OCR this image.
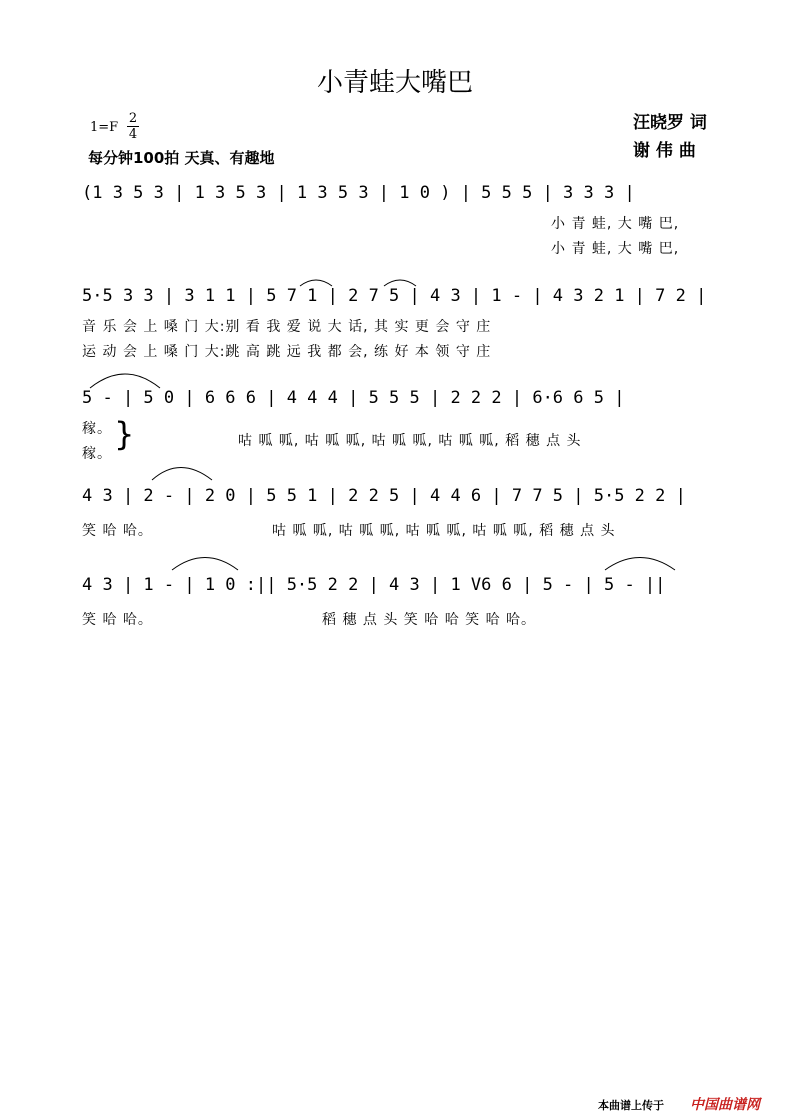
小青蛙大嘴巴
1=F
2
4
每分钟100拍 天真、有趣地
汪晓罗 词
谢 伟 曲
(1 3 5 3 | 1 3 5 3 | 1 3 5 3 | 1 0 ) | 5 5 5 | 3 3 3 |
小 青 蛙, 大 嘴 巴,
小 青 蛙, 大 嘴 巴,
5·5 3 3 | 3 1 1 | 5 7 1 | 2 7 5 | 4 3 | 1 - | 4 3 2 1 | 7 2 |
音 乐 会 上 嗓 门 大:别 看 我 爱 说 大 话, 其 实 更 会 守 庄
运 动 会 上 嗓 门 大:跳 高 跳 远 我 都 会, 练 好 本 领 守 庄
5 - | 5 0 | 6 6 6 | 4 4 4 | 5 5 5 | 2 2 2 | 6·6 6 5 |
稼。
稼。
}	咕 呱 呱, 咕 呱 呱, 咕 呱 呱, 咕 呱 呱, 稻 穗 点 头
4 3 | 2 - | 2 0 | 5 5 1 | 2 2 5 | 4 4 6 | 7 7 5 | 5·5 2 2 |
笑 哈 哈。	咕 呱 呱, 咕 呱 呱, 咕 呱 呱, 咕 呱 呱, 稻 穗 点 头
4 3 | 1 - | 1 0 :|| 5·5 2 2 | 4 3 | 1 V6 6 | 5 - | 5 - ||
笑 哈 哈。	稻 穗 点 头 笑 哈 哈 笑 哈 哈。
本曲谱上传于 中国曲谱网
